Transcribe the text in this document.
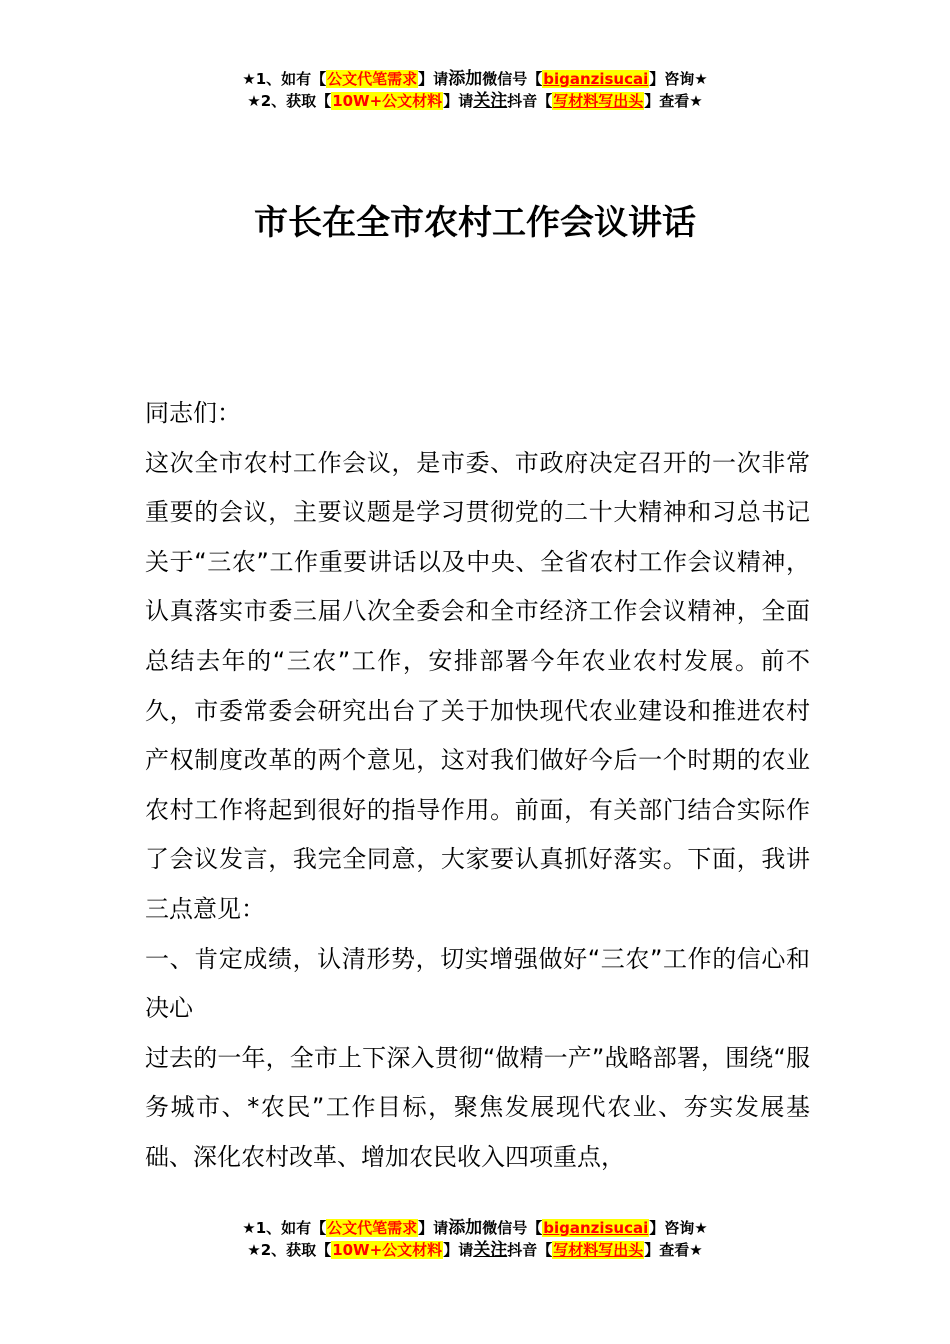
★1、如有【公文代笔需求】请添加微信号【biganzisucai】咨询★
★2、获取【10W+公文材料】请关注抖音【写材料写出头】查看★
市长在全市农村工作会议讲话

同志们：

这次全市农村工作会议，是市委、市政府决定召开的一次非常重要的会议，主要议题是学习贯彻党的二十大精神和习总书记关于“三农”工作重要讲话以及中央、全省农村工作会议精神，认真落实市委三届八次全委会和全市经济工作会议精神，全面总结去年的“三农”工作，安排部署今年农业农村发展。前不久，市委常委会研究出台了关于加快现代农业建设和推进农村产权制度改革的两个意见，这对我们做好今后一个时期的农业农村工作将起到很好的指导作用。前面，有关部门结合实际作了会议发言，我完全同意，大家要认真抓好落实。下面，我讲三点意见：

一、肯定成绩，认清形势，切实增强做好“三农”工作的信心和决心

过去的一年，全市上下深入贯彻“做精一产”战略部署，围绕“服务城市、*农民”工作目标，聚焦发展现代农业、夯实发展基础、深化农村改革、增加农民收入四项重点，

★1、如有【公文代笔需求】请添加微信号【biganzisucai】咨询★
★2、获取【10W+公文材料】请关注抖音【写材料写出头】查看★
